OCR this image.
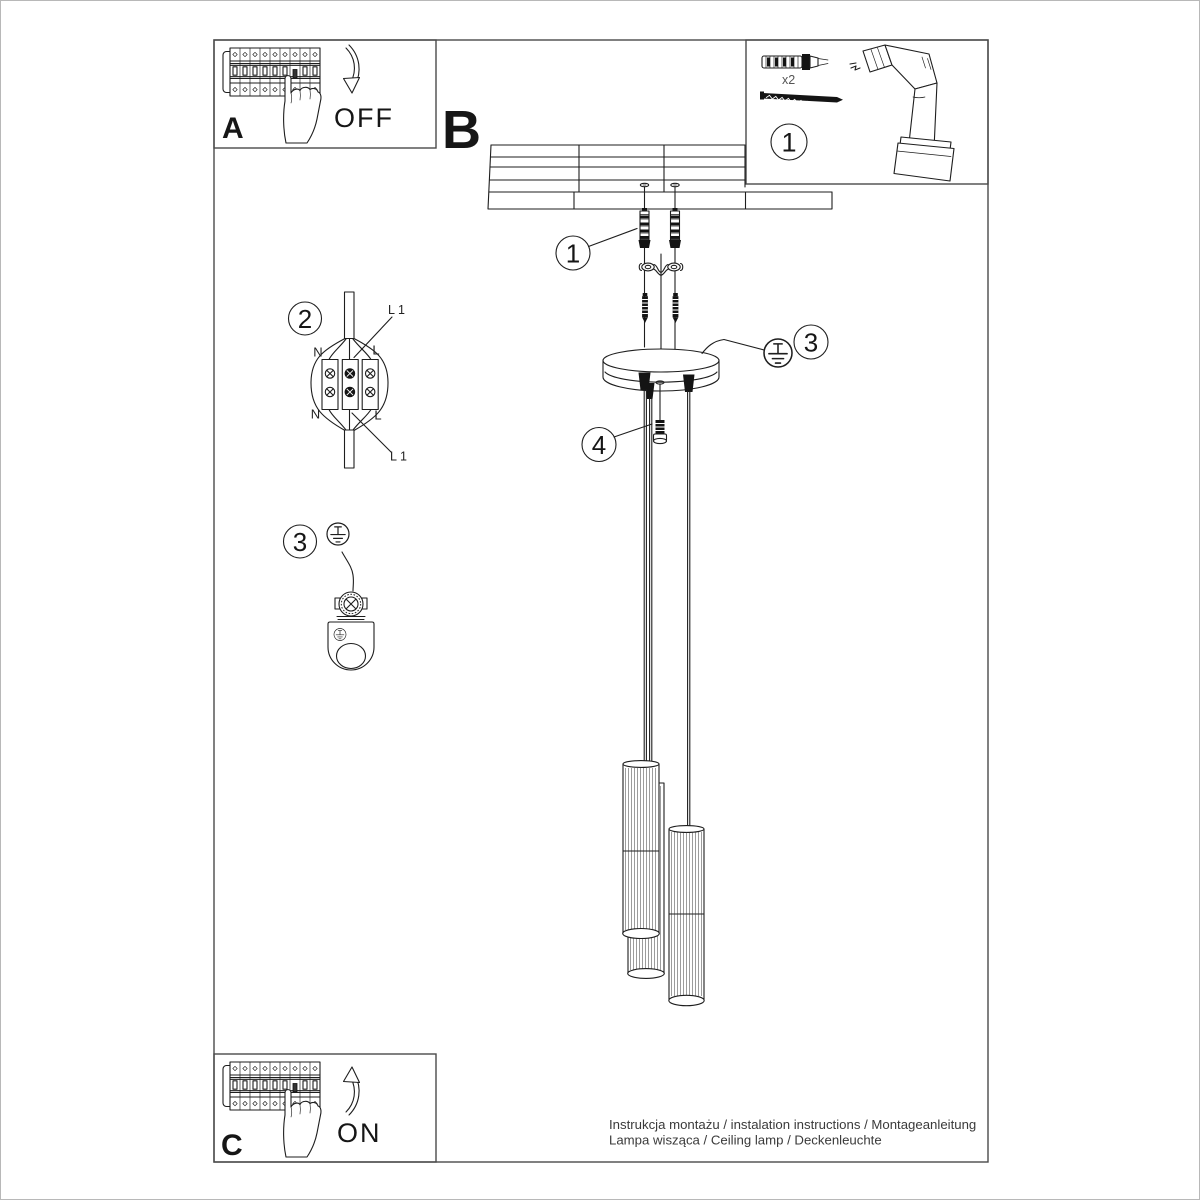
OFF
A
ON
C
x2
1
B
1
3
4
2
N	L
N	L
L 1
L 1
3
Instrukcja montażu / instalation instructions / Montageanleitung
Lampa wisząca / Ceiling lamp / Deckenleuchte
